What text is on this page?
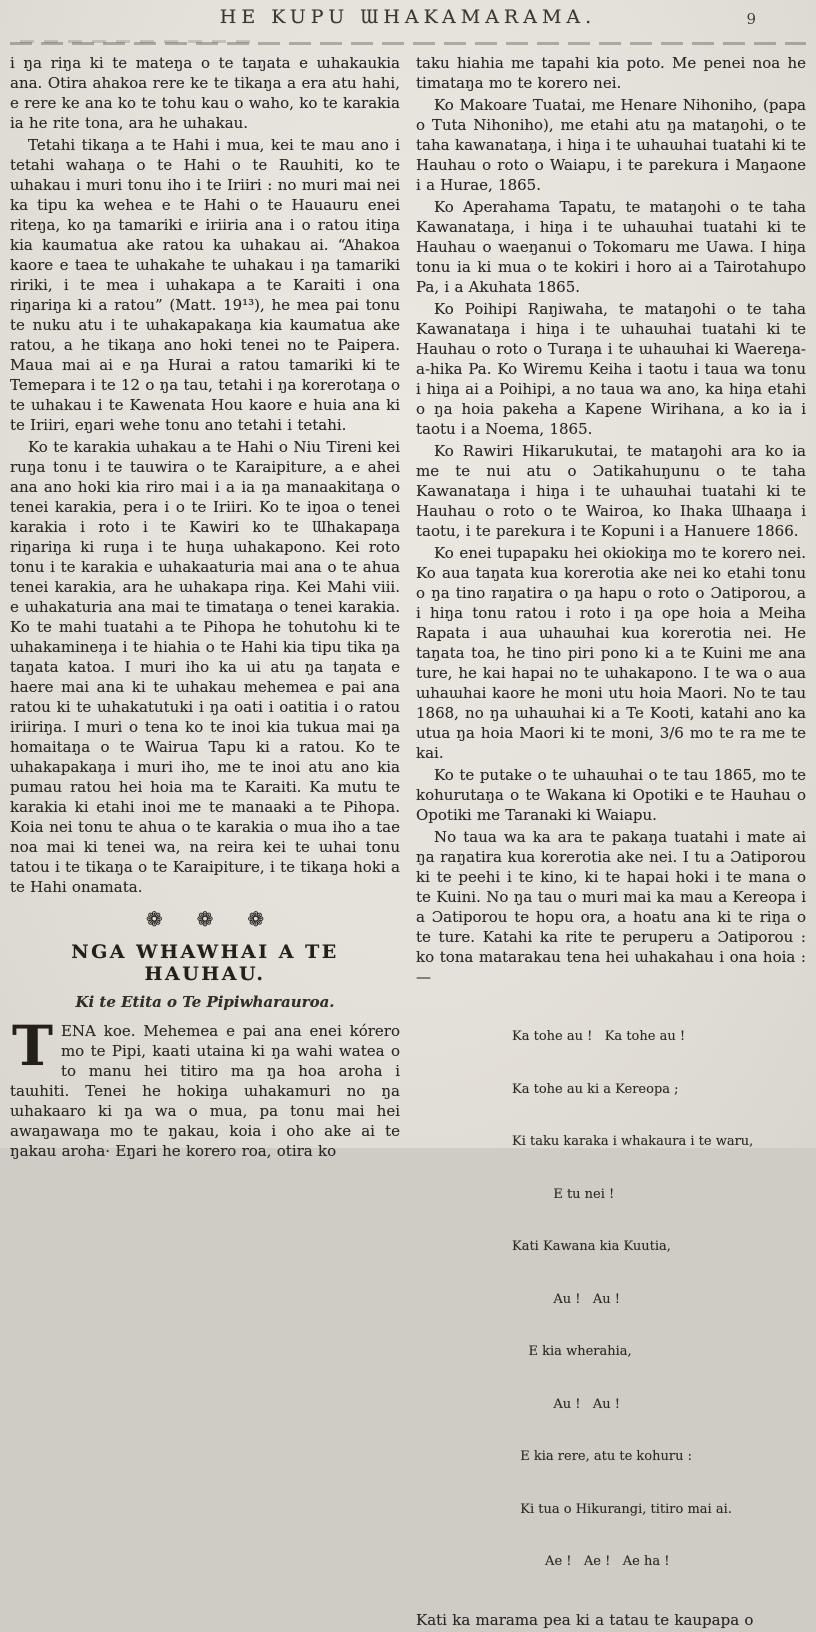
HE KUPU ƜHAKAMARAMA.	9

i ŋa riŋa ki te mateŋa o te taŋata e ɯhakaukia ana. Otira ahakoa rere ke te tikaŋa a era atu hahi, e rere ke ana ko te tohu kau o waho, ko te karakia ia he rite tona, ara he ɯhakau.

Tetahi tikaŋa a te Hahi i mua, kei te mau ano i tetahi wahaŋa o te Hahi o te Raɯhiti, ko te ɯhakau i muri tonu iho i te Iriiri : no muri mai nei ka tipu ka wehea e te Hahi o te Hauauru enei riteŋa, ko ŋa tamariki e iriiria ana i o ratou itiŋa kia kaumatua ake ratou ka ɯhakau ai. “Ahakoa kaore e taea te ɯhakahe te ɯhakau i ŋa tamariki ririki, i te mea i ɯhakapa a te Karaiti i ona riŋariŋa ki a ratou” (Matt. 19¹³), he mea pai tonu te nuku atu i te ɯhakapakaŋa kia kaumatua ake ratou, a he tikaŋa ano hoki tenei no te Paipera. Maua mai ai e ŋa Hurai a ratou tamariki ki te Temepara i te 12 o ŋa tau, tetahi i ŋa korerotaŋa o te ɯhakau i te Kawenata Hou kaore e huia ana ki te Iriiri, eŋari wehe tonu ano tetahi i tetahi.

Ko te karakia ɯhakau a te Hahi o Niu Tireni kei ruŋa tonu i te tauwira o te Karaipiture, a e ahei ana ano hoki kia riro mai i a ia ŋa manaakitaŋa o tenei karakia, pera i o te Iriiri. Ko te iŋoa o tenei karakia i roto i te Kawiri ko te Ɯhakapaŋa riŋariŋa ki ruŋa i te huŋa ɯhakapono. Kei roto tonu i te karakia e ɯhakaaturia mai ana o te ahua tenei karakia, ara he ɯhakapa riŋa. Kei Mahi viii. e ɯhakaturia ana mai te timataŋa o tenei karakia. Ko te mahi tuatahi a te Pihopa he tohutohu ki te ɯhakamineŋa i te hiahia o te Hahi kia tipu tika ŋa taŋata katoa. I muri iho ka ui atu ŋa taŋata e haere mai ana ki te ɯhakau mehemea e pai ana ratou ki te ɯhakatutuki i ŋa oati i oatitia i o ratou iriiriŋa. I muri o tena ko te inoi kia tukua mai ŋa homaitaŋa o te Wairua Tapu ki a ratou. Ko te ɯhakapakaŋa i muri iho, me te inoi atu ano kia pumau ratou hei hoia ma te Karaiti. Ka mutu te karakia ki etahi inoi me te manaaki a te Pihopa. Koia nei tonu te ahua o te karakia o mua iho a tae noa mai ki tenei wa, na reira kei te ɯhai tonu tatou i te tikaŋa o te Karaipiture, i te tikaŋa hoki a te Hahi onamata.

❁❁❁
NGA WHAWHAI A TE HAUHAU.
Ki te Etita o Te Pipiwharauroa.

TENA koe. Mehemea e pai ana enei kórero mo te Pipi, kaati utaina ki ŋa wahi watea o to manu hei titiro ma ŋa hoa aroha i taɯhiti. Tenei he hokiŋa ɯhakamuri no ŋa ɯhakaaro ki ŋa wa o mua, pa tonu mai hei awaŋawaŋa mo te ŋakau, koia i oho ake ai te ŋakau aroha· Eŋari he korero roa, otira ko

taku hiahia me tapahi kia poto. Me penei noa he timataŋa mo te korero nei.

Ko Makoare Tuatai, me Henare Nihoniho, (papa o Tuta Nihoniho), me etahi atu ŋa mataŋohi, o te taha kawanataŋa, i hiŋa i te ɯhaɯhai tuatahi ki te Hauhau o roto o Waiapu, i te parekura i Maŋaone i a Hurae, 1865.

Ko Aperahama Tapatu, te mataŋohi o te taha Kawanataŋa, i hiŋa i te ɯhaɯhai tuatahi ki te Hauhau o waeŋanui o Tokomaru me Uawa. I hiŋa tonu ia ki mua o te kokiri i horo ai a Tairotahupo Pa, i a Akuhata 1865.

Ko Poihipi Raŋiwaha, te mataŋohi o te taha Kawanataŋa i hiŋa i te ɯhaɯhai tuatahi ki te Hauhau o roto o Turaŋa i te ɯhaɯhai ki Waereŋa-a-hika Pa. Ko Wiremu Keiha i taotu i taua wa tonu i hiŋa ai a Poihipi, a no taua wa ano, ka hiŋa etahi o ŋa hoia pakeha a Kapene Wirihana, a ko ia i taotu i a Noema, 1865.

Ko Rawiri Hikarukutai, te mataŋohi ara ko ia me te nui atu o Ɔatikahuŋunu o te taha Kawanataŋa i hiŋa i te ɯhaɯhai tuatahi ki te Hauhau o roto o te Wairoa, ko Ihaka Ɯhaaŋa i taotu, i te parekura i te Kopuni i a Hanuere 1866.

Ko enei tupapaku hei okiokiŋa mo te korero nei. Ko aua taŋata kua korerotia ake nei ko etahi tonu o ŋa tino raŋatira o ŋa hapu o roto o Ɔatiporou, a i hiŋa tonu ratou i roto i ŋa ope hoia a Meiha Rapata i aua ɯhaɯhai kua korerotia nei. He taŋata toa, he tino piri pono ki a te Kuini me ana ture, he kai hapai no te ɯhakapono. I te wa o aua ɯhaɯhai kaore he moni utu hoia Maori. No te tau 1868, no ŋa ɯhaɯhai ki a Te Kooti, katahi ano ka utua ŋa hoia Maori ki te moni, 3/6 mo te ra me te kai.

Ko te putake o te ɯhaɯhai o te tau 1865, mo te kohurutaŋa o te Wakana ki Opotiki e te Hauhau o Opotiki me Taranaki ki Waiapu.

No taua wa ka ara te pakaŋa tuatahi i mate ai ŋa raŋatira kua korerotia ake nei. I tu a Ɔatiporou ki te peehi i te kino, ki te hapai hoki i te mana o te Kuini. No ŋa tau o muri mai ka mau a Kereopa i a Ɔatiporou te hopu ora, a hoatu ana ki te riŋa o te ture. Katahi ka rite te peruperu a Ɔatiporou : ko tona matarakau tena hei ɯhakahau i ona hoia :—

Ka tohe au !   Ka tohe au !

Ka tohe au ki a Kereopa ;

Ki taku karaka i whakaura i te waru,

E tu nei !

Kati Kawana kia Kuutia,

Au !   Au !

E kia wherahia,

Au !   Au !

E kia rere, atu te kohuru :

Ki tua o Hikurangi, titiro mai ai.

Ae !   Ae !   Ae ha !

Kati ka marama pea ki a tatau te kaupapa o
